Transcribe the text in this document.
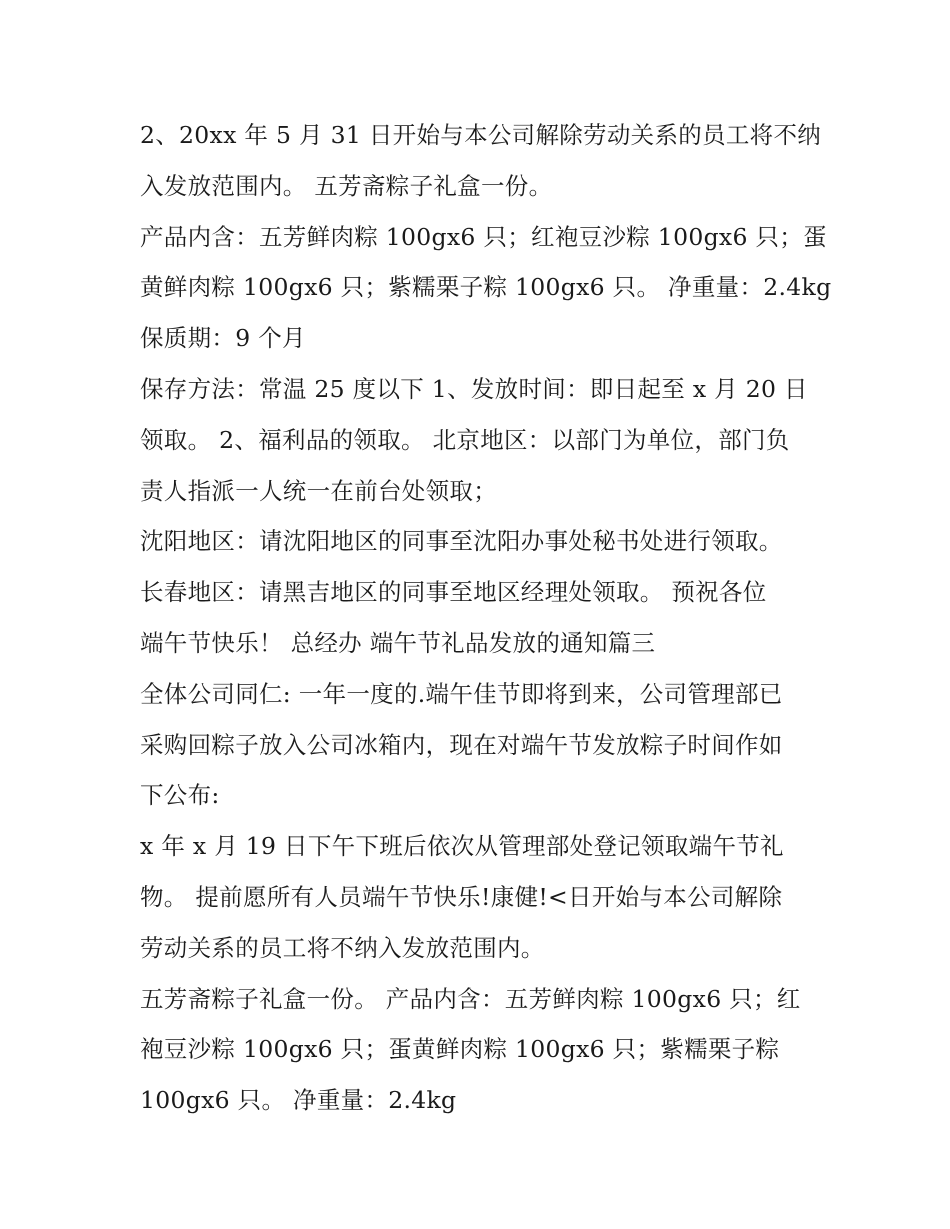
2、20xx 年 5 月 31 日开始与本公司解除劳动关系的员工将不纳
入发放范围内。 五芳斋粽子礼盒一份。
产品内含：五芳鲜肉粽 100gx6 只；红袍豆沙粽 100gx6 只；蛋
黄鲜肉粽 100gx6 只；紫糯栗子粽 100gx6 只。 净重量：2.4kg
保质期：9 个月
保存方法：常温 25 度以下 1、发放时间：即日起至 x 月 20 日
领取。 2、福利品的领取。 北京地区：以部门为单位，部门负
责人指派一人统一在前台处领取；
沈阳地区：请沈阳地区的同事至沈阳办事处秘书处进行领取。
长春地区：请黑吉地区的同事至地区经理处领取。 预祝各位
端午节快乐！ 总经办 端午节礼品发放的通知篇三
全体公司同仁: 一年一度的.端午佳节即将到来，公司管理部已
采购回粽子放入公司冰箱内，现在对端午节发放粽子时间作如
下公布:
x 年 x 月 19 日下午下班后依次从管理部处登记领取端午节礼
物。 提前愿所有人员端午节快乐!康健!<日开始与本公司解除
劳动关系的员工将不纳入发放范围内。
五芳斋粽子礼盒一份。 产品内含：五芳鲜肉粽 100gx6 只；红
袍豆沙粽 100gx6 只；蛋黄鲜肉粽 100gx6 只；紫糯栗子粽
100gx6 只。 净重量：2.4kg
